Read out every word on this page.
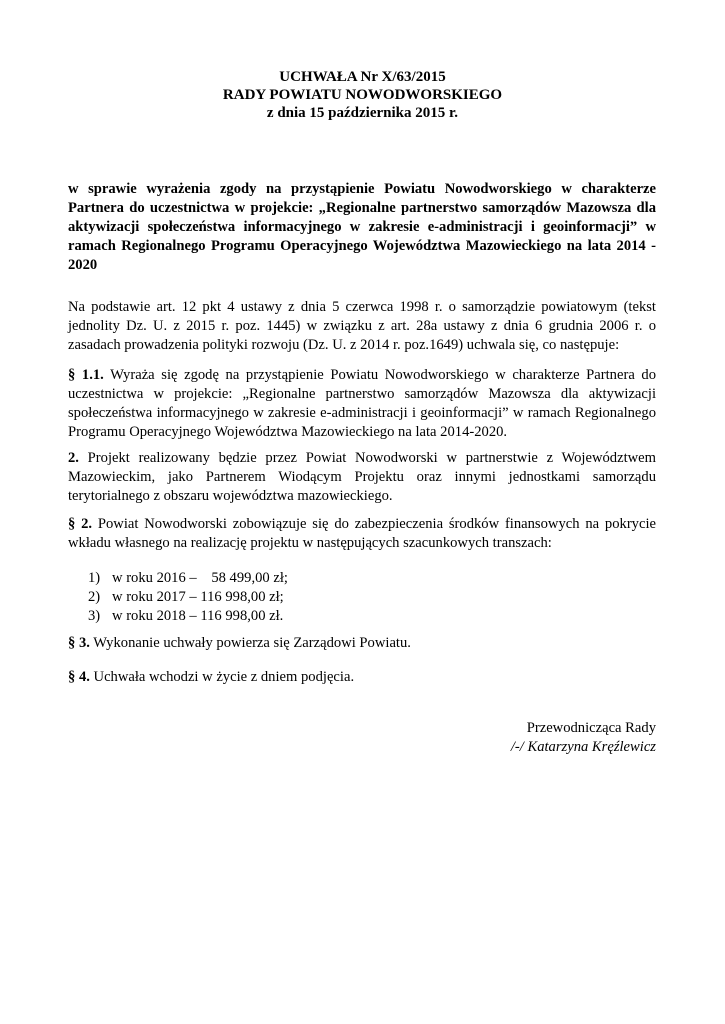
UCHWAŁA Nr X/63/2015
RADY POWIATU NOWODWORSKIEGO
z dnia 15 października 2015 r.
w sprawie wyrażenia zgody na przystąpienie Powiatu Nowodworskiego w charakterze Partnera do uczestnictwa w projekcie: „Regionalne partnerstwo samorządów Mazowsza dla aktywizacji społeczeństwa informacyjnego w zakresie e-administracji i geoinformacji” w ramach Regionalnego Programu Operacyjnego Województwa Mazowieckiego na lata 2014 - 2020
Na podstawie art. 12 pkt 4 ustawy z dnia 5 czerwca 1998 r. o samorządzie powiatowym (tekst jednolity Dz. U. z 2015 r. poz. 1445) w związku z art. 28a ustawy z dnia 6 grudnia 2006 r. o zasadach prowadzenia polityki rozwoju (Dz. U. z 2014 r. poz.1649) uchwala się, co następuje:
§ 1.1. Wyraża się zgodę na przystąpienie Powiatu Nowodworskiego w charakterze Partnera do uczestnictwa w projekcie: „Regionalne partnerstwo samorządów Mazowsza dla aktywizacji społeczeństwa informacyjnego w zakresie e-administracji i geoinformacji” w ramach Regionalnego Programu Operacyjnego Województwa Mazowieckiego na lata 2014-2020.
2. Projekt realizowany będzie przez Powiat Nowodworski w partnerstwie z Województwem Mazowieckim, jako Partnerem Wiodącym Projektu oraz innymi jednostkami samorządu terytorialnego z obszaru województwa mazowieckiego.
§ 2. Powiat Nowodworski zobowiązuje się do zabezpieczenia środków finansowych na pokrycie wkładu własnego na realizację projektu w następujących szacunkowych transzach:
1) w roku 2016 –    58 499,00 zł;
2) w roku 2017 – 116 998,00 zł;
3) w roku 2018 – 116 998,00 zł.
§ 3. Wykonanie uchwały powierza się Zarządowi Powiatu.
§ 4. Uchwała wchodzi w życie z dniem podjęcia.
Przewodnicząca Rady
/-/ Katarzyna Kręźlewicz
